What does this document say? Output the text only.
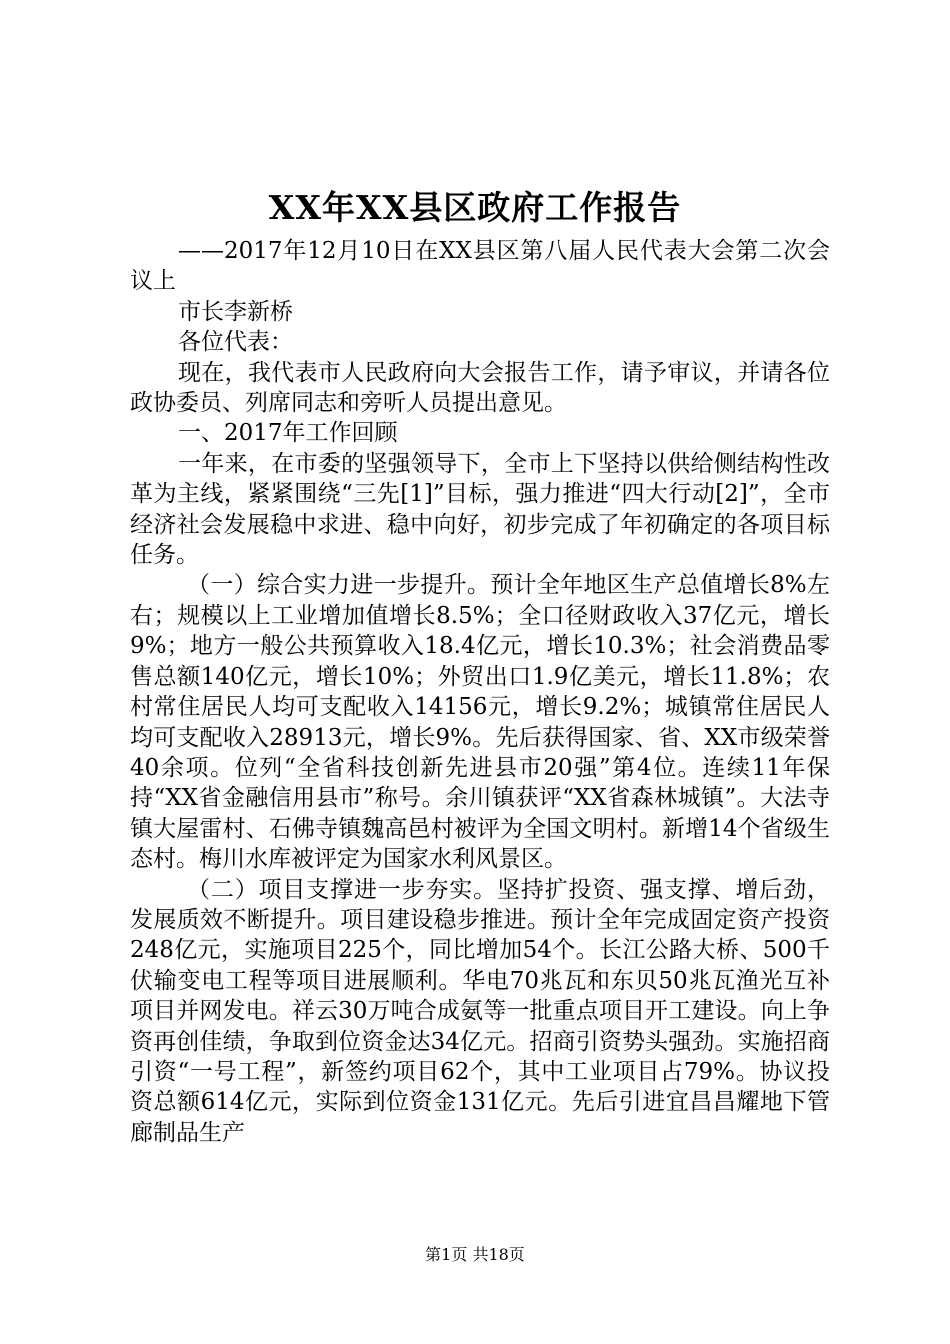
XX年XX县区政府工作报告

——2017年12月10日在XX县区第八届人民代表大会第二次会议上

市长李新桥

各位代表：

现在，我代表市人民政府向大会报告工作，请予审议，并请各位政协委员、列席同志和旁听人员提出意见。

一、2017年工作回顾

一年来，在市委的坚强领导下，全市上下坚持以供给侧结构性改革为主线，紧紧围绕“三先[1]”目标，强力推进“四大行动[2]”，全市经济社会发展稳中求进、稳中向好，初步完成了年初确定的各项目标任务。

（一）综合实力进一步提升。预计全年地区生产总值增长8%左右；规模以上工业增加值增长8.5%；全口径财政收入37亿元，增长9%；地方一般公共预算收入18.4亿元，增长10.3%；社会消费品零售总额140亿元，增长10%；外贸出口1.9亿美元，增长11.8%；农村常住居民人均可支配收入14156元，增长9.2%；城镇常住居民人均可支配收入28913元，增长9%。先后获得国家、省、XX市级荣誉40余项。位列“全省科技创新先进县市20强”第4位。连续11年保持“XX省金融信用县市”称号。余川镇获评“XX省森林城镇”。大法寺镇大屋雷村、石佛寺镇魏高邑村被评为全国文明村。新增14个省级生态村。梅川水库被评定为国家水利风景区。

（二）项目支撑进一步夯实。坚持扩投资、强支撑、增后劲，发展质效不断提升。项目建设稳步推进。预计全年完成固定资产投资248亿元，实施项目225个，同比增加54个。长江公路大桥、500千伏输变电工程等项目进展顺利。华电70兆瓦和东贝50兆瓦渔光互补项目并网发电。祥云30万吨合成氨等一批重点项目开工建设。向上争资再创佳绩，争取到位资金达34亿元。招商引资势头强劲。实施招商引资“一号工程”，新签约项目62个，其中工业项目占79%。协议投资总额614亿元，实际到位资金131亿元。先后引进宜昌昌耀地下管廊制品生产

第1页 共18页
